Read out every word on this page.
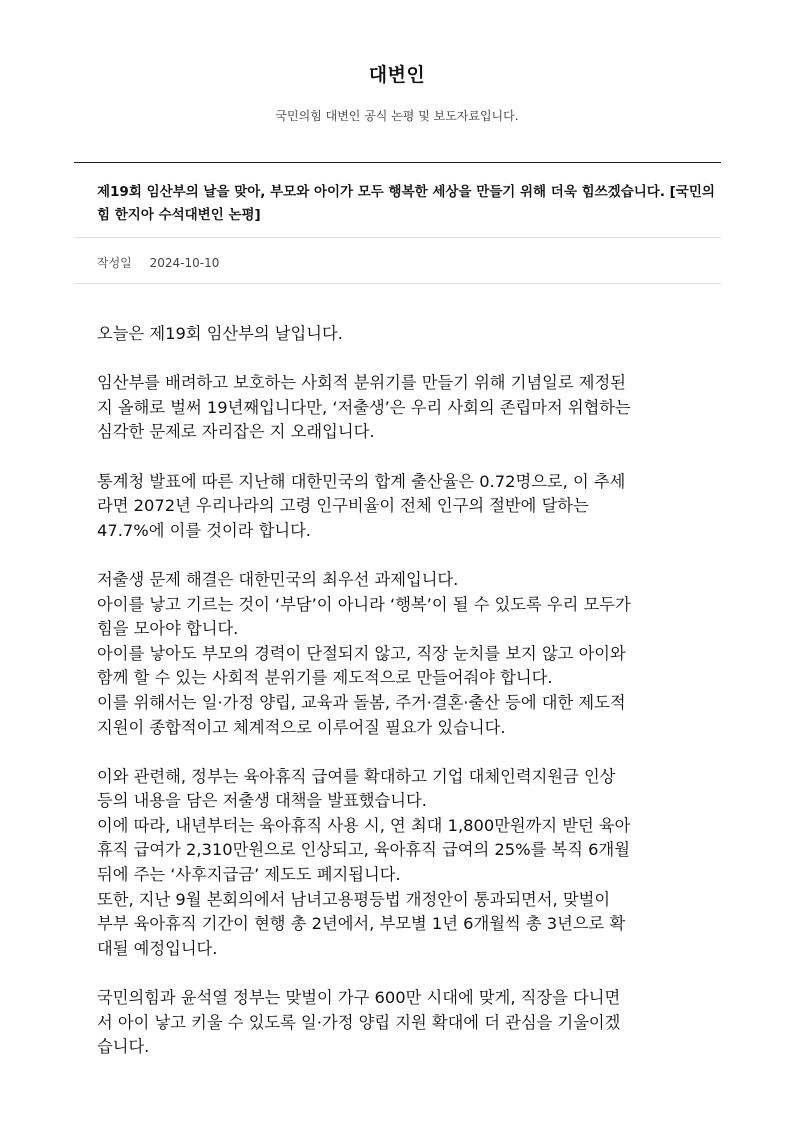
대변인
국민의힘 대변인 공식 논평 및 보도자료입니다.
제19회 임산부의 날을 맞아, 부모와 아이가 모두 행복한 세상을 만들기 위해 더욱 힘쓰겠습니다. [국민의힘 한지아 수석대변인 논평]
작성일 2024-10-10

오늘은 제19회 임산부의 날입니다.

임산부를 배려하고 보호하는 사회적 분위기를 만들기 위해 기념일로 제정된
지 올해로 벌써 19년째입니다만, ‘저출생’은 우리 사회의 존립마저 위협하는
심각한 문제로 자리잡은 지 오래입니다.

통계청 발표에 따른 지난해 대한민국의 합계 출산율은 0.72명으로, 이 추세
라면 2072년 우리나라의 고령 인구비율이 전체 인구의 절반에 달하는
47.7%에 이를 것이라 합니다.

저출생 문제 해결은 대한민국의 최우선 과제입니다.
아이를 낳고 기르는 것이 ‘부담’이 아니라 ‘행복’이 될 수 있도록 우리 모두가
힘을 모아야 합니다.
아이를 낳아도 부모의 경력이 단절되지 않고, 직장 눈치를 보지 않고 아이와
함께 할 수 있는 사회적 분위기를 제도적으로 만들어줘야 합니다.
이를 위해서는 일·가정 양립, 교육과 돌봄, 주거·결혼·출산 등에 대한 제도적
지원이 종합적이고 체계적으로 이루어질 필요가 있습니다.

이와 관련해, 정부는 육아휴직 급여를 확대하고 기업 대체인력지원금 인상
등의 내용을 담은 저출생 대책을 발표했습니다.
이에 따라, 내년부터는 육아휴직 사용 시, 연 최대 1,800만원까지 받던 육아
휴직 급여가 2,310만원으로 인상되고, 육아휴직 급여의 25%를 복직 6개월
뒤에 주는 ‘사후지급금’ 제도도 폐지됩니다.
또한, 지난 9월 본회의에서 남녀고용평등법 개정안이 통과되면서, 맞벌이
부부 육아휴직 기간이 현행 총 2년에서, 부모별 1년 6개월씩 총 3년으로 확
대될 예정입니다.

국민의힘과 윤석열 정부는 맞벌이 가구 600만 시대에 맞게, 직장을 다니면
서 아이 낳고 키울 수 있도록 일·가정 양립 지원 확대에 더 관심을 기울이겠
습니다.
